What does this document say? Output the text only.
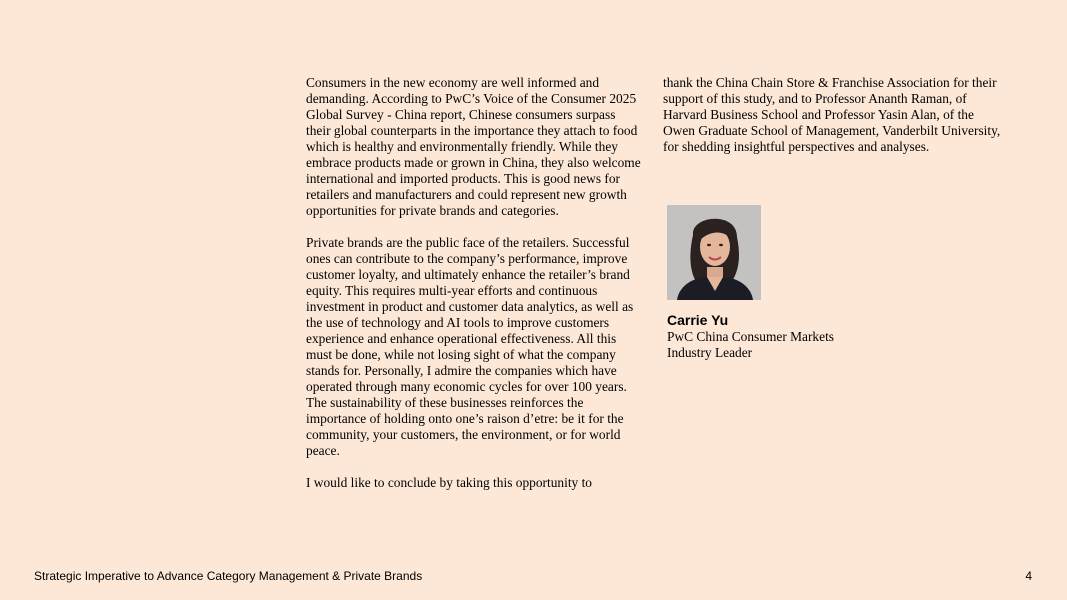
Consumers in the new economy are well informed and demanding. According to PwC’s Voice of the Consumer 2025 Global Survey - China report, Chinese consumers surpass their global counterparts in the importance they attach to food which is healthy and environmentally friendly. While they embrace products made or grown in China, they also welcome international and imported products. This is good news for retailers and manufacturers and could represent new growth opportunities for private brands and categories.

Private brands are the public face of the retailers. Successful ones can contribute to the company’s performance, improve customer loyalty, and ultimately enhance the retailer’s brand equity. This requires multi-year efforts and continuous investment in product and customer data analytics, as well as the use of technology and AI tools to improve customers experience and enhance operational effectiveness. All this must be done, while not losing sight of what the company stands for. Personally, I admire the companies which have operated through many economic cycles for over 100 years. The sustainability of these businesses reinforces the importance of holding onto one’s raison d’etre: be it for the community, your customers, the environment, or for world peace.

I would like to conclude by taking this opportunity to

thank the China Chain Store & Franchise Association for their support of this study, and to Professor Ananth Raman, of Harvard Business School and Professor Yasin Alan, of the Owen Graduate School of Management, Vanderbilt University, for shedding insightful perspectives and analyses.

Carrie Yu

PwC China Consumer Markets

Industry Leader

Strategic Imperative to Advance Category Management & Private Brands	4
